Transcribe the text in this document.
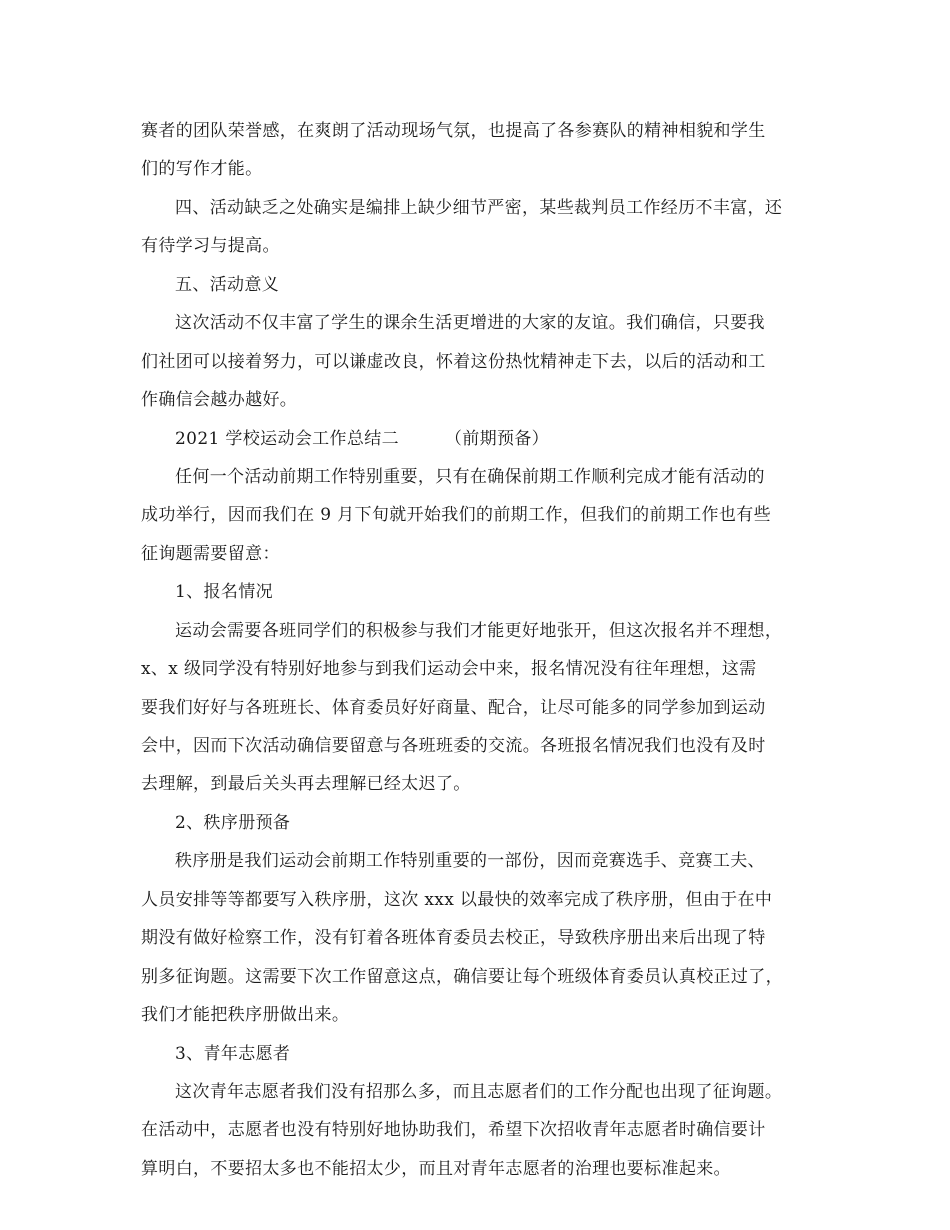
赛者的团队荣誉感，在爽朗了活动现场气氛，也提高了各参赛队的精神相貌和学生
们的写作才能。
四、活动缺乏之处确实是编排上缺少细节严密，某些裁判员工作经历不丰富，还
有待学习与提高。
五、活动意义
这次活动不仅丰富了学生的课余生活更增进的大家的友谊。我们确信，只要我
们社团可以接着努力，可以谦虚改良，怀着这份热忱精神走下去，以后的活动和工
作确信会越办越好。
2021 学校运动会工作总结二	（前期预备）
任何一个活动前期工作特别重要，只有在确保前期工作顺利完成才能有活动的
成功举行，因而我们在 9 月下旬就开始我们的前期工作，但我们的前期工作也有些
征询题需要留意：
1、报名情况
运动会需要各班同学们的积极参与我们才能更好地张开，但这次报名并不理想，
x、x 级同学没有特别好地参与到我们运动会中来，报名情况没有往年理想，这需
要我们好好与各班班长、体育委员好好商量、配合，让尽可能多的同学参加到运动
会中，因而下次活动确信要留意与各班班委的交流。各班报名情况我们也没有及时
去理解，到最后关头再去理解已经太迟了。
2、秩序册预备
秩序册是我们运动会前期工作特别重要的一部份，因而竞赛选手、竞赛工夫、
人员安排等等都要写入秩序册，这次 xxx 以最快的效率完成了秩序册，但由于在中
期没有做好检察工作，没有钉着各班体育委员去校正，导致秩序册出来后出现了特
别多征询题。这需要下次工作留意这点，确信要让每个班级体育委员认真校正过了，
我们才能把秩序册做出来。
3、青年志愿者
这次青年志愿者我们没有招那么多，而且志愿者们的工作分配也出现了征询题。
在活动中，志愿者也没有特别好地协助我们，希望下次招收青年志愿者时确信要计
算明白，不要招太多也不能招太少，而且对青年志愿者的治理也要标准起来。
